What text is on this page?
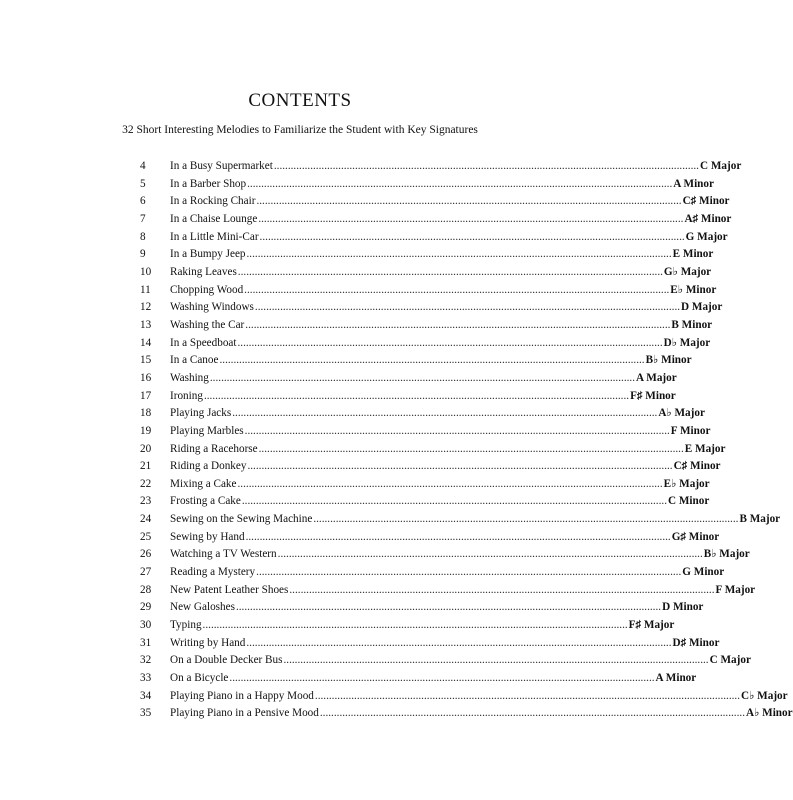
CONTENTS

32 Short Interesting Melodies to Familiarize the Student with Key Signatures

4	In a Busy Supermarket ........................................................................................................................................................ C Major
5	In a Barber Shop ........................................................................................................................................................ A Minor
6	In a Rocking Chair ........................................................................................................................................................ C♯ Minor
7	In a Chaise Lounge ........................................................................................................................................................ A♯ Minor
8	In a Little Mini-Car ........................................................................................................................................................ G Major
9	In a Bumpy Jeep ........................................................................................................................................................ E Minor
10	Raking Leaves ........................................................................................................................................................ G♭ Major
11	Chopping Wood ........................................................................................................................................................ E♭ Minor
12	Washing Windows ........................................................................................................................................................ D Major
13	Washing the Car ........................................................................................................................................................ B Minor
14	In a Speedboat ........................................................................................................................................................ D♭ Major
15	In a Canoe ........................................................................................................................................................ B♭ Minor
16	Washing ........................................................................................................................................................ A Major
17	Ironing ........................................................................................................................................................ F♯ Minor
18	Playing Jacks ........................................................................................................................................................ A♭ Major
19	Playing Marbles ........................................................................................................................................................ F Minor
20	Riding a Racehorse ........................................................................................................................................................ E Major
21	Riding a Donkey ........................................................................................................................................................ C♯ Minor
22	Mixing a Cake ........................................................................................................................................................ E♭ Major
23	Frosting a Cake ........................................................................................................................................................ C Minor
24	Sewing on the Sewing Machine ........................................................................................................................................................ B Major
25	Sewing by Hand ........................................................................................................................................................ G♯ Minor
26	Watching a TV Western ........................................................................................................................................................ B♭ Major
27	Reading a Mystery ........................................................................................................................................................ G Minor
28	New Patent Leather Shoes ........................................................................................................................................................ F Major
29	New Galoshes ........................................................................................................................................................ D Minor
30	Typing ........................................................................................................................................................ F♯ Major
31	Writing by Hand ........................................................................................................................................................ D♯ Minor
32	On a Double Decker Bus ........................................................................................................................................................ C Major
33	On a Bicycle ........................................................................................................................................................ A Minor
34	Playing Piano in a Happy Mood ........................................................................................................................................................ C♭ Major
35	Playing Piano in a Pensive Mood ........................................................................................................................................................ A♭ Minor
